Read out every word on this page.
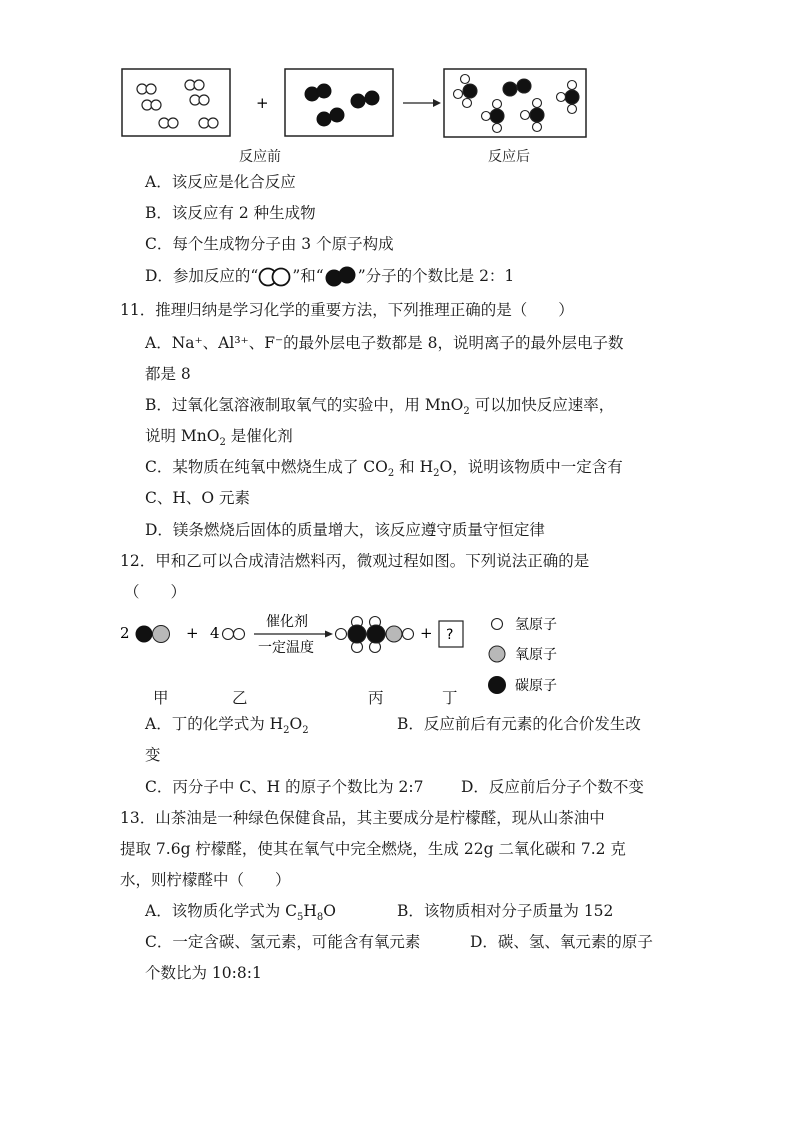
+
反应前	反应后
A．该反应是化合反应
B．该反应有 2 种生成物
C．每个生成物分子由 3 个原子构成
D．参加反应的“ ”和“ ”分子的个数比是 2：1
11．推理归纳是学习化学的重要方法，下列推理正确的是（　　）
A．Na⁺、Al³⁺、F⁻的最外层电子数都是 8，说明离子的最外层电子数
都是 8
B．过氧化氢溶液制取氧气的实验中，用 MnO$_2$ 可以加快反应速率，
说明 MnO$_2$ 是催化剂
C．某物质在纯氧中燃烧生成了 $CO_2$ 和 $H_2O$，说明该物质中一定含有
C、H、O 元素
D．镁条燃烧后固体的质量增大，该反应遵守质量守恒定律
12．甲和乙可以合成清洁燃料丙，微观过程如图。下列说法正确的是
（　　）
2	+ 4
催化剂
一定温度
+ ?
氢原子
氧原子
碳原子
甲	乙	丙	丁
A．丁的化学式为 $H_2O_2$	B．反应前后有元素的化合价发生改
变
C．丙分子中 C、H 的原子个数比为 2:7 D．反应前后分子个数不变
13．山茶油是一种绿色保健食品，其主要成分是柠檬醛，现从山茶油中
提取 7.6g 柠檬醛，使其在氧气中完全燃烧，生成 22g 二氧化碳和 7.2 克
水，则柠檬醛中（　　）
A．该物质化学式为 $C_5H_8O$	B．该物质相对分子质量为 152
C．一定含碳、氢元素，可能含有氧元素	D．碳、氢、氧元素的原子
个数比为 10:8:1
